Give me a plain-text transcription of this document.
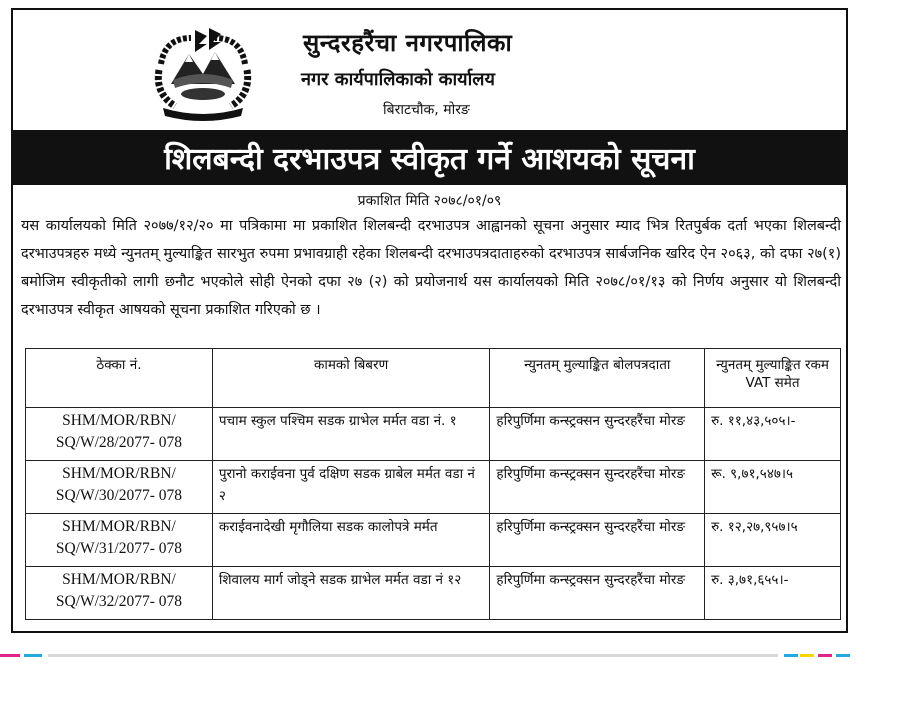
सुन्दरहरैंचा नगरपालिका
नगर कार्यपालिकाको कार्यालय
बिराटचौक, मोरङ
शिलबन्दी दरभाउपत्र स्वीकृत गर्ने आशयको सूचना
प्रकाशित मिति २०७८/०१/०९
यस कार्यालयको मिति २०७७/१२/२० मा पत्रिकामा मा प्रकाशित शिलबन्दी दरभाउपत्र आह्वानको सूचना अनुसार म्याद भित्र रितपुर्बक दर्ता भएका शिलबन्दी दरभाउपत्रहरु मध्ये न्युनतम् मुल्याङ्कित सारभुत रुपमा प्रभावग्राही रहेका शिलबन्दी दरभाउपत्रदाताहरुको दरभाउपत्र सार्बजनिक खरिद ऐन २०६३, को दफा २७(१) बमोजिम स्वीकृतीको लागी छनौट भएकोले सोही ऐनको दफा २७ (२) को प्रयोजनार्थ यस कार्यालयको मिति २०७८/०१/१३ को निर्णय अनुसार यो शिलबन्दी दरभाउपत्र स्वीकृत आषयको सूचना प्रकाशित गरिएको छ ।
ठेक्का नं.	कामको बिबरण	न्युनतम् मुल्याङ्कित बोलपत्रदाता	न्युनतम् मुल्याङ्कित रकम VAT समेत
SHM/MOR/RBN/ SQ/W/28/2077- 078	पचाम स्कुल पश्चिम सडक ग्राभेल मर्मत वडा नं. १	हरिपुर्णिमा कन्स्ट्रक्सन सुन्दरहरैंचा मोरङ	रु. ११,४३,५०५।-
SHM/MOR/RBN/ SQ/W/30/2077- 078	पुरानो कराईवना पुर्व दक्षिण सडक ग्राबेल मर्मत वडा नं २	हरिपुर्णिमा कन्स्ट्रक्सन सुन्दरहरैंचा मोरङ	रू. ९,७१,५४७।५
SHM/MOR/RBN/ SQ/W/31/2077- 078	कराईवनादेखी मृगौलिया सडक कालोपत्रे मर्मत	हरिपुर्णिमा कन्स्ट्रक्सन सुन्दरहरैंचा मोरङ	रु. १२,२७,९५७।५
SHM/MOR/RBN/ SQ/W/32/2077- 078	शिवालय मार्ग जोड्ने सडक ग्राभेल मर्मत वडा नं १२	हरिपुर्णिमा कन्स्ट्रक्सन सुन्दरहरैंचा मोरङ	रु. ३,७१,६५५।-
